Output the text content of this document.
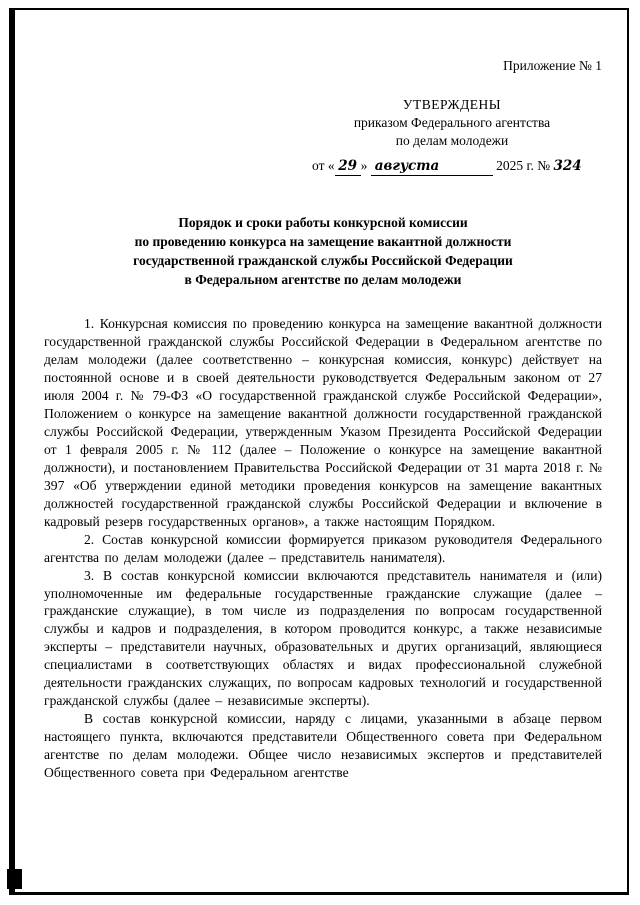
Приложение № 1
УТВЕРЖДЕНЫ
приказом Федерального агентства
по делам молодежи
от « 29 » августа	2025 г. № 324
Порядок и сроки работы конкурсной комиссии
по проведению конкурса на замещение вакантной должности
государственной гражданской службы Российской Федерации
в Федеральном агентстве по делам молодежи

1. Конкурсная комиссия по проведению конкурса на замещение вакантной должности государственной гражданской службы Российской Федерации в Федеральном агентстве по делам молодежи (далее соответственно – конкурсная комиссия, конкурс) действует на постоянной основе и в своей деятельности руководствуется Федеральным законом от 27 июля 2004 г. № 79-ФЗ «О государственной гражданской службе Российской Федерации», Положением о конкурсе на замещение вакантной должности государственной гражданской службы Российской Федерации, утвержденным Указом Президента Российской Федерации от 1 февраля 2005 г. № 112 (далее – Положение о конкурсе на замещение вакантной должности), и постановлением Правительства Российской Федерации от 31 марта 2018 г. № 397 «Об утверждении единой методики проведения конкурсов на замещение вакантных должностей государственной гражданской службы Российской Федерации и включение в кадровый резерв государственных органов», а также настоящим Порядком.

2. Состав конкурсной комиссии формируется приказом руководителя Федерального агентства по делам молодежи (далее – представитель нанимателя).

3. В состав конкурсной комиссии включаются представитель нанимателя и (или) уполномоченные им федеральные государственные гражданские служащие (далее – гражданские служащие), в том числе из подразделения по вопросам государственной службы и кадров и подразделения, в котором проводится конкурс, а также независимые эксперты – представители научных, образовательных и других организаций, являющиеся специалистами в соответствующих областях и видах профессиональной служебной деятельности гражданских служащих, по вопросам кадровых технологий и государственной гражданской службы (далее – независимые эксперты).

В состав конкурсной комиссии, наряду с лицами, указанными в абзаце первом настоящего пункта, включаются представители Общественного совета при Федеральном агентстве по делам молодежи. Общее число независимых экспертов и представителей Общественного совета при Федеральном агентстве
